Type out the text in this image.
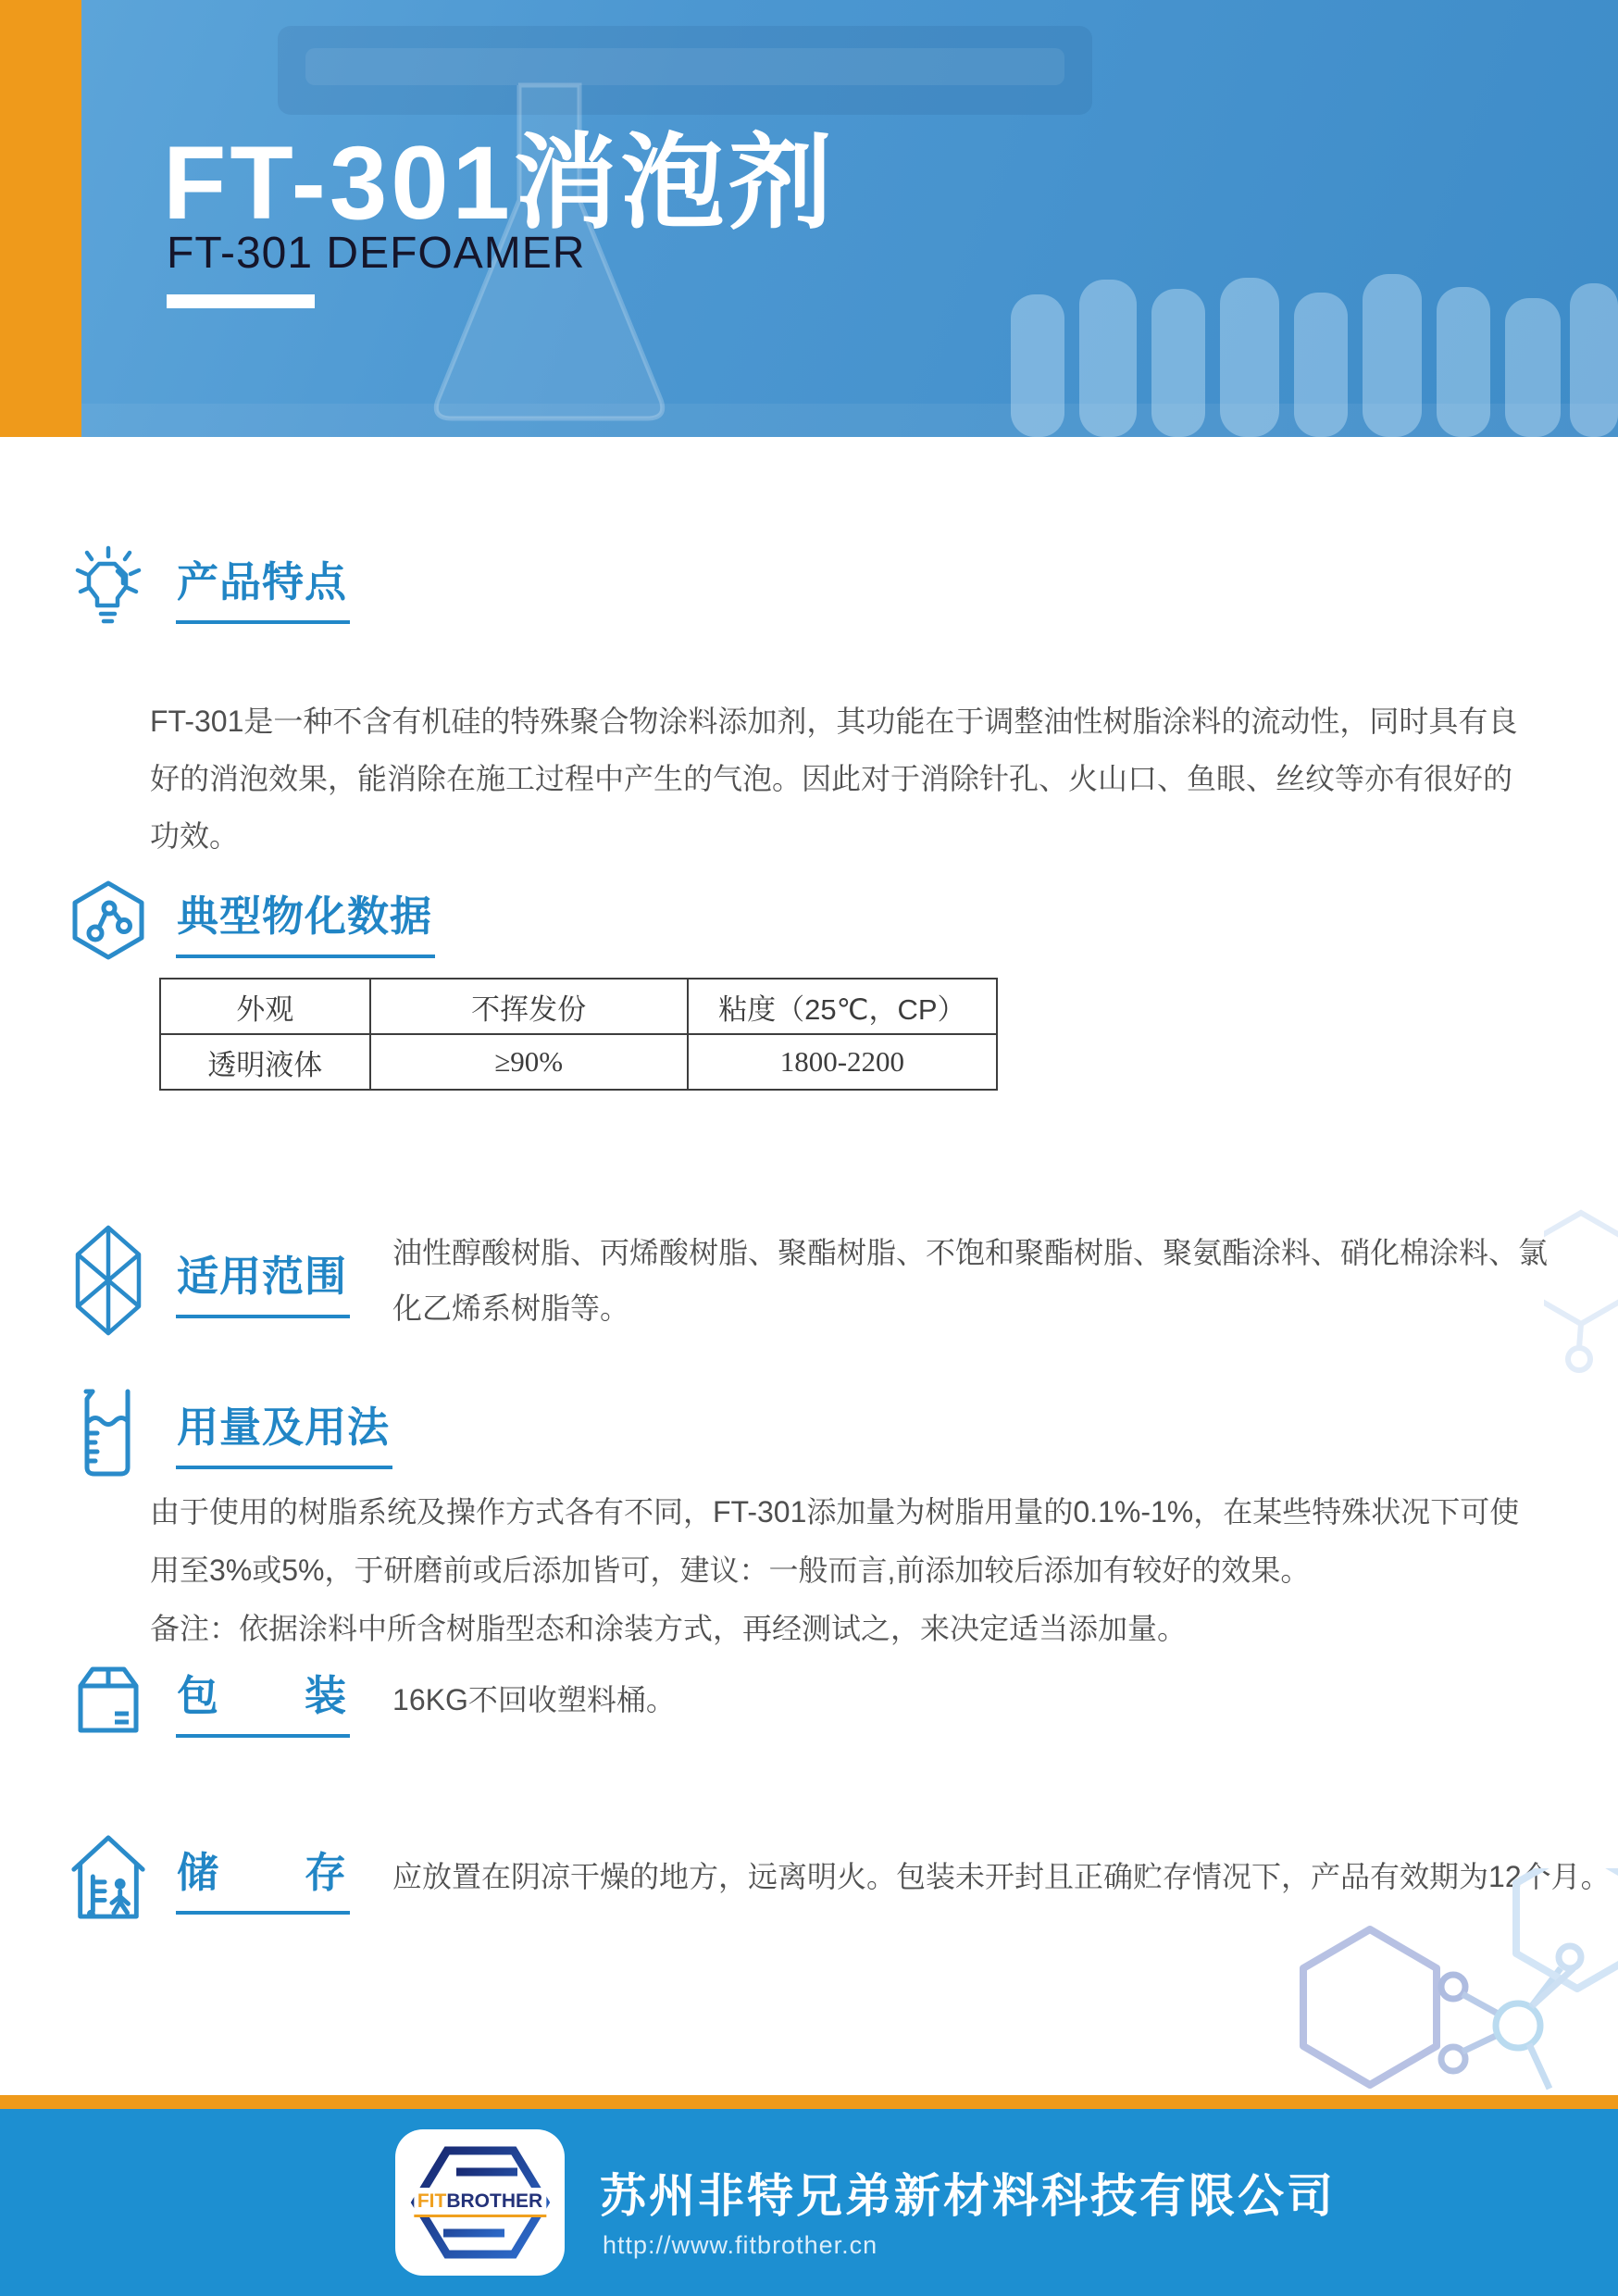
FT-301消泡剂
FT-301 DEFOAMER
产品特点

FT-301是一种不含有机硅的特殊聚合物涂料添加剂，其功能在于调整油性树脂涂料的流动性，同时具有良好的消泡效果，能消除在施工过程中产生的气泡。因此对于消除针孔、火山口、鱼眼、丝纹等亦有很好的功效。

典型物化数据
外观	不挥发份	粘度（25℃，CP）
透明液体	≥90%	1800-2200
适用范围 油性醇酸树脂、丙烯酸树脂、聚酯树脂、不饱和聚酯树脂、聚氨酯涂料、硝化棉涂料、氯化乙烯系树脂等。

用量及用法

由于使用的树脂系统及操作方式各有不同，FT-301添加量为树脂用量的0.1%-1%，在某些特殊状况下可使用至3%或5%，于研磨前或后添加皆可，建议：一般而言,前添加较后添加有较好的效果。

备注：依据涂料中所含树脂型态和涂装方式，再经测试之，来决定适当添加量。

包　　装 16KG不回收塑料桶。

储　　存 应放置在阴凉干燥的地方，远离明火。包装未开封且正确贮存情况下，产品有效期为12个月。

FITBROTHER 苏州非特兄弟新材料科技有限公司
http://www.fitbrother.cn
